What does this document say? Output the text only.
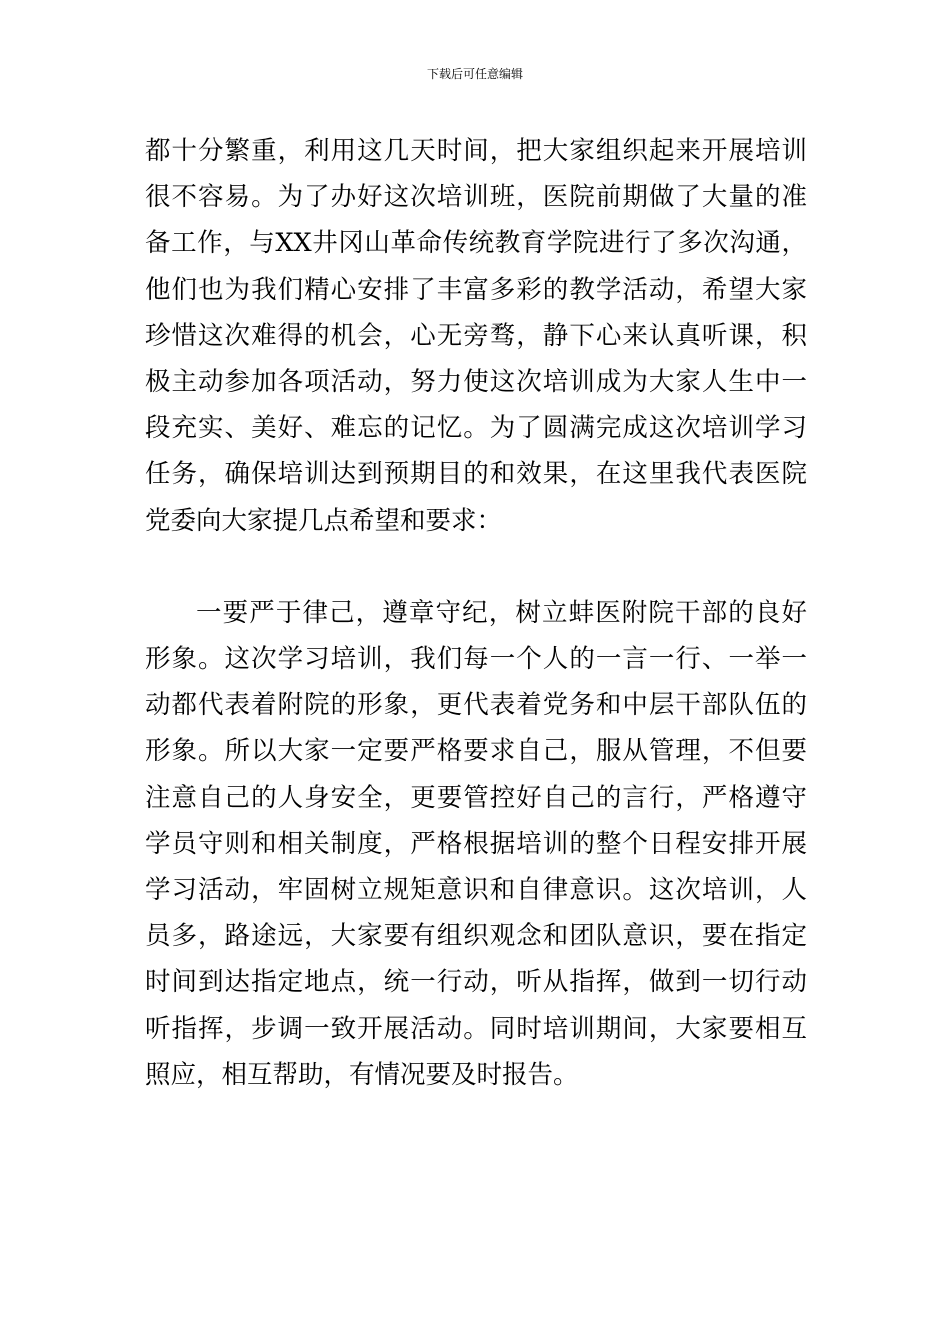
下载后可任意编辑

都十分繁重，利用这几天时间，把大家组织起来开展培训很不容易。为了办好这次培训班，医院前期做了大量的准备工作，与XX井冈山革命传统教育学院进行了多次沟通，他们也为我们精心安排了丰富多彩的教学活动，希望大家珍惜这次难得的机会，心无旁骛，静下心来认真听课，积极主动参加各项活动，努力使这次培训成为大家人生中一段充实、美好、难忘的记忆。为了圆满完成这次培训学习任务，确保培训达到预期目的和效果，在这里我代表医院党委向大家提几点希望和要求：

一要严于律己，遵章守纪，树立蚌医附院干部的良好形象。这次学习培训，我们每一个人的一言一行、一举一动都代表着附院的形象，更代表着党务和中层干部队伍的形象。所以大家一定要严格要求自己，服从管理，不但要注意自己的人身安全，更要管控好自己的言行，严格遵守学员守则和相关制度，严格根据培训的整个日程安排开展学习活动，牢固树立规矩意识和自律意识。这次培训，人员多，路途远，大家要有组织观念和团队意识，要在指定时间到达指定地点，统一行动，听从指挥，做到一切行动听指挥，步调一致开展活动。同时培训期间，大家要相互照应，相互帮助，有情况要及时报告。
